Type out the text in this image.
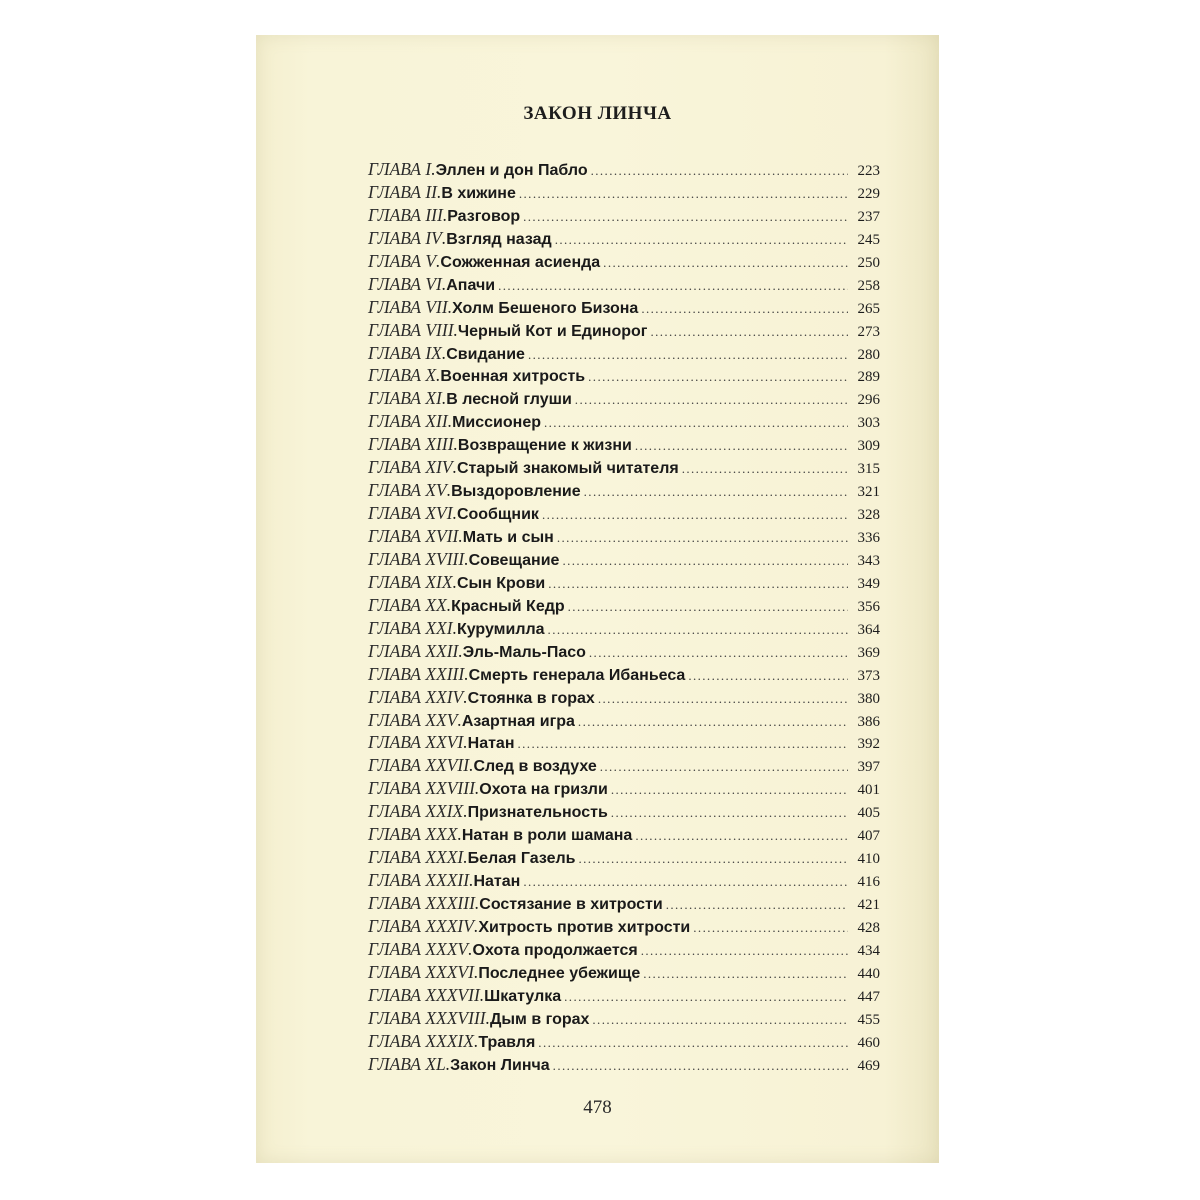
ЗАКОН ЛИНЧА
ГЛАВА I . Эллен и дон Пабло .....	223
ГЛАВА II . В хижине .....	229
ГЛАВА III . Разговор .....	237
ГЛАВА IV . Взгляд назад .....	245
ГЛАВА V . Сожженная асиенда .....	250
ГЛАВА VI . Апачи .....	258
ГЛАВА VII . Холм Бешеного Бизона .....	265
ГЛАВА VIII . Черный Кот и Единорог .....	273
ГЛАВА IX . Свидание .....	280
ГЛАВА X . Военная хитрость .....	289
ГЛАВА XI . В лесной глуши .....	296
ГЛАВА XII . Миссионер .....	303
ГЛАВА XIII . Возвращение к жизни .....	309
ГЛАВА XIV . Старый знакомый читателя .....	315
ГЛАВА XV . Выздоровление .....	321
ГЛАВА XVI . Сообщник .....	328
ГЛАВА XVII . Мать и сын .....	336
ГЛАВА XVIII . Совещание .....	343
ГЛАВА XIX . Сын Крови .....	349
ГЛАВА XX . Красный Кедр .....	356
ГЛАВА XXI . Курумилла .....	364
ГЛАВА XXII . Эль-Маль-Пасо .....	369
ГЛАВА XXIII . Смерть генерала Ибаньеса .....	373
ГЛАВА XXIV . Стоянка в горах .....	380
ГЛАВА XXV . Азартная игра .....	386
ГЛАВА XXVI . Натан .....	392
ГЛАВА XXVII . След в воздухе .....	397
ГЛАВА XXVIII . Охота на гризли .....	401
ГЛАВА XXIX . Признательность .....	405
ГЛАВА XXX . Натан в роли шамана .....	407
ГЛАВА XXXI . Белая Газель .....	410
ГЛАВА XXXII . Натан .....	416
ГЛАВА XXXIII . Состязание в хитрости .....	421
ГЛАВА XXXIV . Хитрость против хитрости .....	428
ГЛАВА XXXV . Охота продолжается .....	434
ГЛАВА XXXVI . Последнее убежище .....	440
ГЛАВА XXXVII . Шкатулка .....	447
ГЛАВА XXXVIII . Дым в горах .....	455
ГЛАВА XXXIX . Травля .....	460
ГЛАВА XL . Закон Линча .....	469
478
